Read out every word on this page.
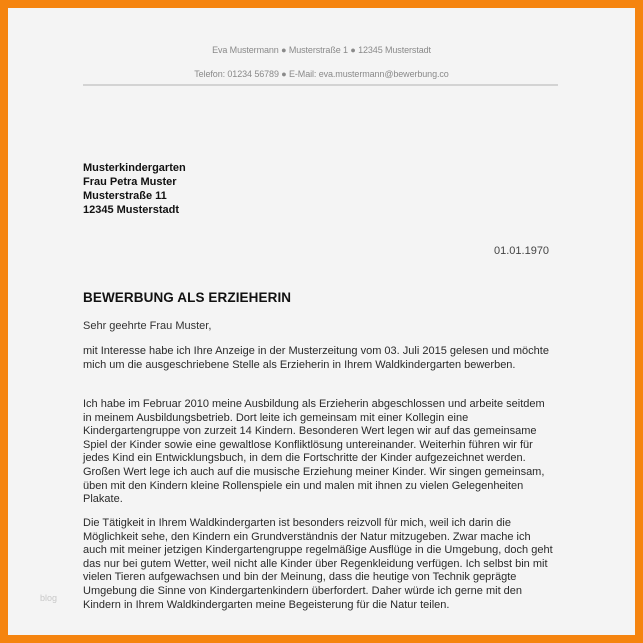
Eva Mustermann ● Musterstraße 1 ● 12345 Musterstadt
Telefon: 01234 56789 ● E-Mail: eva.mustermann@bewerbung.co
Musterkindergarten
Frau Petra Muster
Musterstraße 11
12345 Musterstadt
01.01.1970
BEWERBUNG ALS ERZIEHERIN
Sehr geehrte Frau Muster,
mit Interesse habe ich Ihre Anzeige in der Musterzeitung vom 03. Juli 2015 gelesen und möchte mich um die ausgeschriebene Stelle als Erzieherin in Ihrem Waldkindergarten bewerben.
Ich habe im Februar 2010 meine Ausbildung als Erzieherin abgeschlossen und arbeite seitdem in meinem Ausbildungsbetrieb. Dort leite ich gemeinsam mit einer Kollegin eine Kindergartengruppe von zurzeit 14 Kindern. Besonderen Wert legen wir auf das gemeinsame Spiel der Kinder sowie eine gewaltlose Konfliktlösung untereinander. Weiterhin führen wir für jedes Kind ein Entwicklungsbuch, in dem die Fortschritte der Kinder aufgezeichnet werden. Großen Wert lege ich auch auf die musische Erziehung meiner Kinder. Wir singen gemeinsam, üben mit den Kindern kleine Rollenspiele ein und malen mit ihnen zu vielen Gelegenheiten Plakate.
Die Tätigkeit in Ihrem Waldkindergarten ist besonders reizvoll für mich, weil ich darin die Möglichkeit sehe, den Kindern ein Grundverständnis der Natur mitzugeben. Zwar mache ich auch mit meiner jetzigen Kindergartengruppe regelmäßige Ausflüge in die Umgebung, doch geht das nur bei gutem Wetter, weil nicht alle Kinder über Regenkleidung verfügen. Ich selbst bin mit vielen Tieren aufgewachsen und bin der Meinung, dass die heutige von Technik geprägte Umgebung die Sinne von Kindergartenkindern überfordert. Daher würde ich gerne mit den Kindern in Ihrem Waldkindergarten meine Begeisterung für die Natur teilen.
blog
